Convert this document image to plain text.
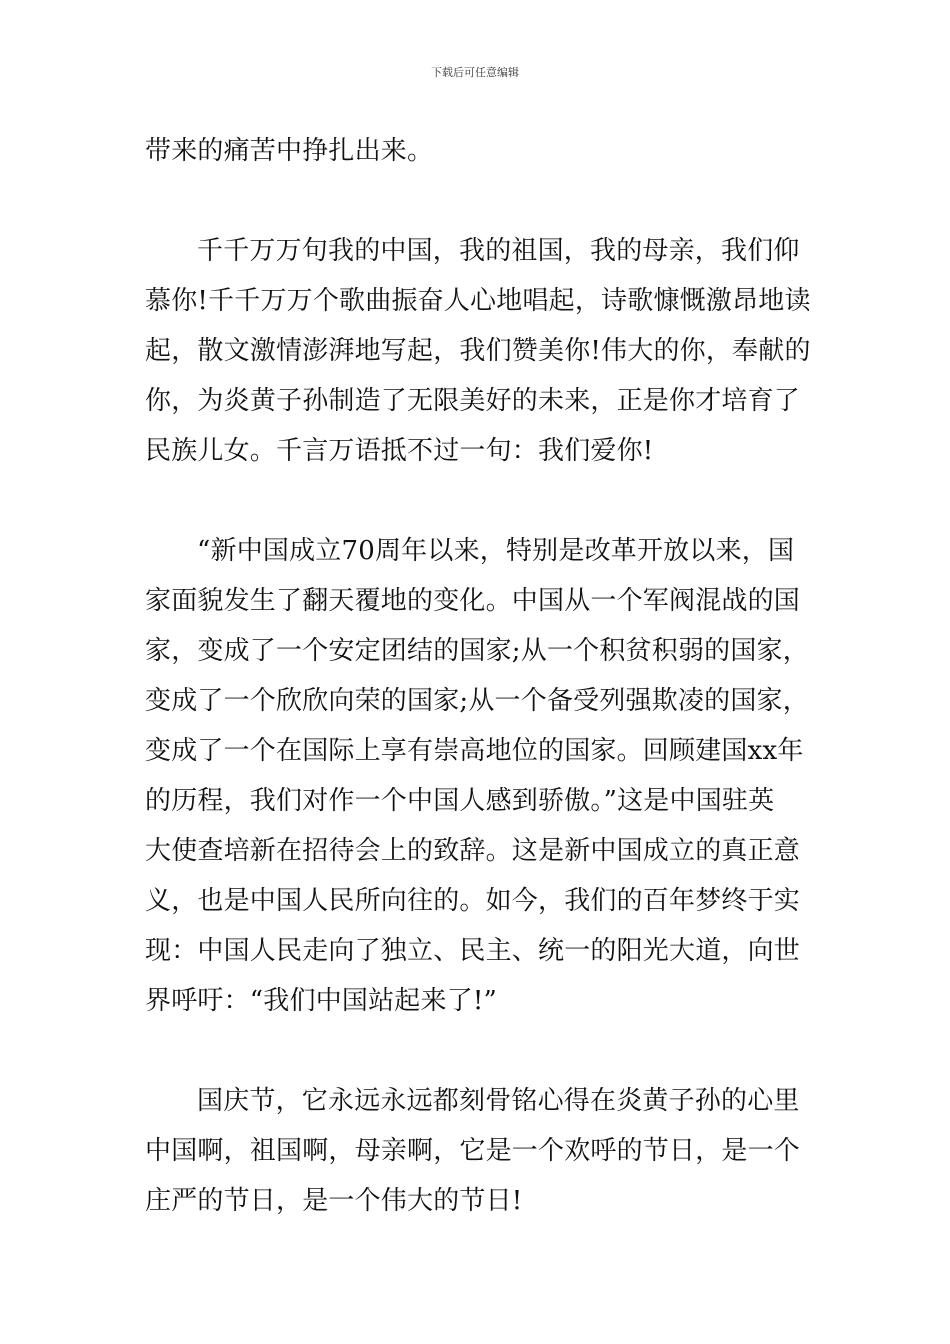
下载后可任意编辑
带来的痛苦中挣扎出来。
千千万万句我的中国，我的祖国，我的母亲，我们仰
慕你!千千万万个歌曲振奋人心地唱起，诗歌慷慨激昂地读
起，散文激情澎湃地写起，我们赞美你!伟大的你，奉献的
你，为炎黄子孙制造了无限美好的未来，正是你才培育了
民族儿女。千言万语抵不过一句：我们爱你!
“新中国成立70周年以来，特别是改革开放以来，国
家面貌发生了翻天覆地的变化。中国从一个军阀混战的国
家，变成了一个安定团结的国家;从一个积贫积弱的国家，
变成了一个欣欣向荣的国家;从一个备受列强欺凌的国家，
变成了一个在国际上享有崇高地位的国家。回顾建国xx年
的历程，我们对作一个中国人感到骄傲。”这是中国驻英
大使查培新在招待会上的致辞。这是新中国成立的真正意
义，也是中国人民所向往的。如今，我们的百年梦终于实
现：中国人民走向了独立、民主、统一的阳光大道，向世
界呼吁：“我们中国站起来了!”
国庆节，它永远永远都刻骨铭心得在炎黄子孙的心里
中国啊，祖国啊，母亲啊，它是一个欢呼的节日，是一个
庄严的节日，是一个伟大的节日!
